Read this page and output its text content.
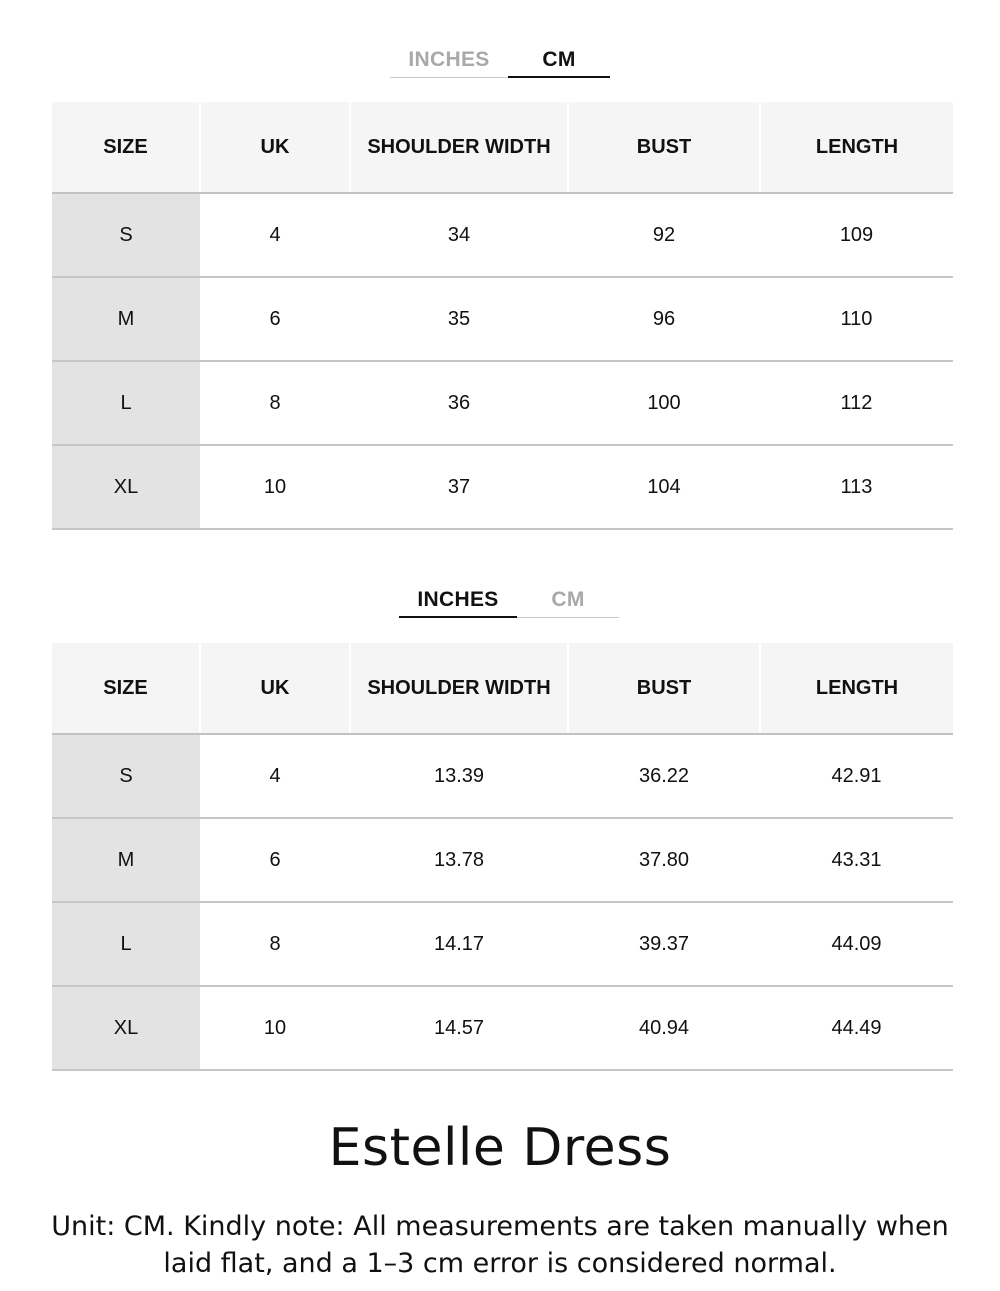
INCHES	CM
SIZE	UK	SHOULDER WIDTH	BUST	LENGTH
S	4	34	92	109
M	6	35	96	110
L	8	36	100	112
XL	10	37	104	113
INCHES	CM
SIZE	UK	SHOULDER WIDTH	BUST	LENGTH
S	4	13.39	36.22	42.91
M	6	13.78	37.80	43.31
L	8	14.17	39.37	44.09
XL	10	14.57	40.94	44.49
Estelle Dress
Unit: CM. Kindly note: All measurements are taken manually when laid flat, and a 1–3 cm error is considered normal.
